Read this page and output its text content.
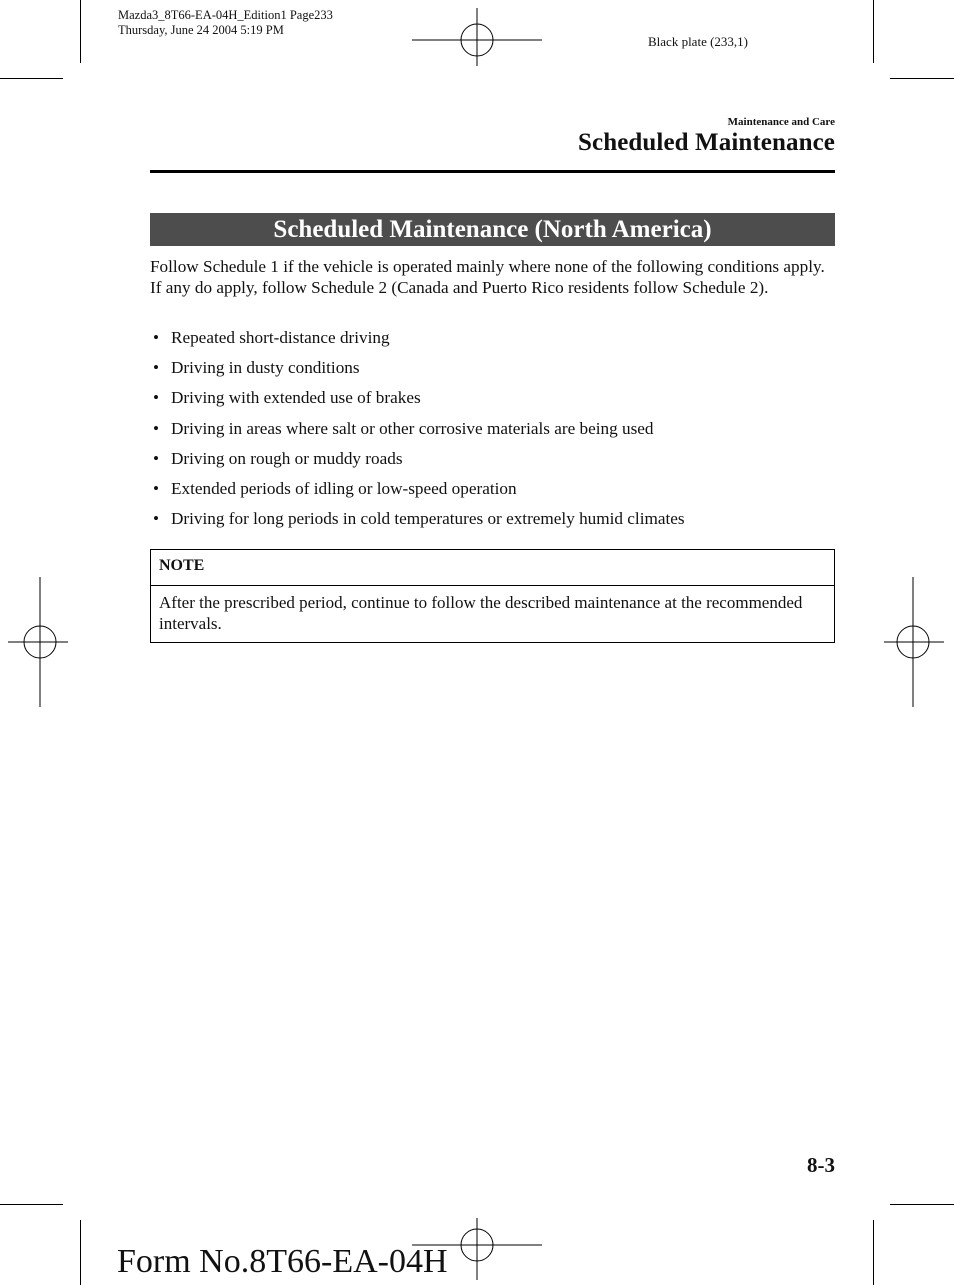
Mazda3_8T66-EA-04H_Edition1 Page233
Thursday, June 24 2004 5:19 PM
Black plate (233,1)
Maintenance and Care
Scheduled Maintenance
Scheduled Maintenance (North America)

Follow Schedule 1 if the vehicle is operated mainly where none of the following conditions apply.

If any do apply, follow Schedule 2 (Canada and Puerto Rico residents follow Schedule 2).

• Repeated short-distance driving
• Driving in dusty conditions
• Driving with extended use of brakes
• Driving in areas where salt or other corrosive materials are being used
• Driving on rough or muddy roads
• Extended periods of idling or low-speed operation
• Driving for long periods in cold temperatures or extremely humid climates
NOTE
After the prescribed period, continue to follow the described maintenance at the recommended intervals.
8-3
Form No.8T66-EA-04H
